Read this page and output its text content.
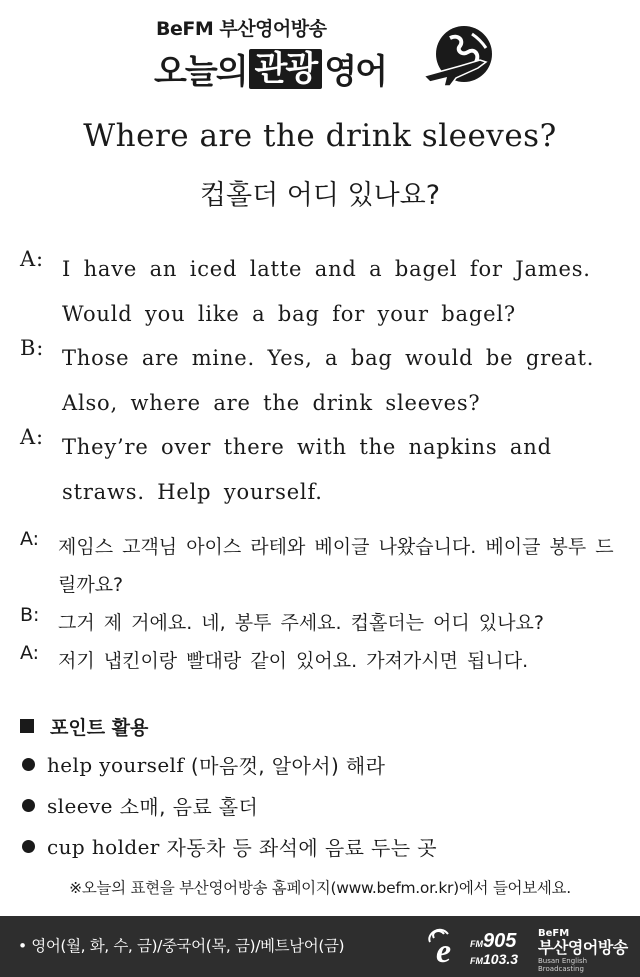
BeFM 부산영어방송
오늘의 관광 영어
Where are the drink sleeves?
컵홀더 어디 있나요?
A: I have an iced latte and a bagel for James. Would you like a bag for your bagel?
B: Those are mine. Yes, a bag would be great. Also, where are the drink sleeves?
A: They’re over there with the napkins and straws. Help yourself.
A: 제임스 고객님 아이스 라테와 베이글 나왔습니다. 베이글 봉투 드릴까요?
B: 그거 제 거에요. 네, 봉투 주세요. 컵홀더는 어디 있나요?
A: 저기 냅킨이랑 빨대랑 같이 있어요. 가져가시면 됩니다.
포인트 활용
help yourself
(마음껏, 알아서) 해라
sleeve
소매, 음료 홀더
cup holder
자동차 등 좌석에 음료 두는 곳
※오늘의 표현을 부산영어방송 홈페이지(www.befm.or.kr)에서 들어보세요.
• 영어(월, 화, 수, 금)/중국어(목, 금)/베트남어(금)	e FM905
FM103.3
BeFM
부산영어방송
Busan English Broadcasting
